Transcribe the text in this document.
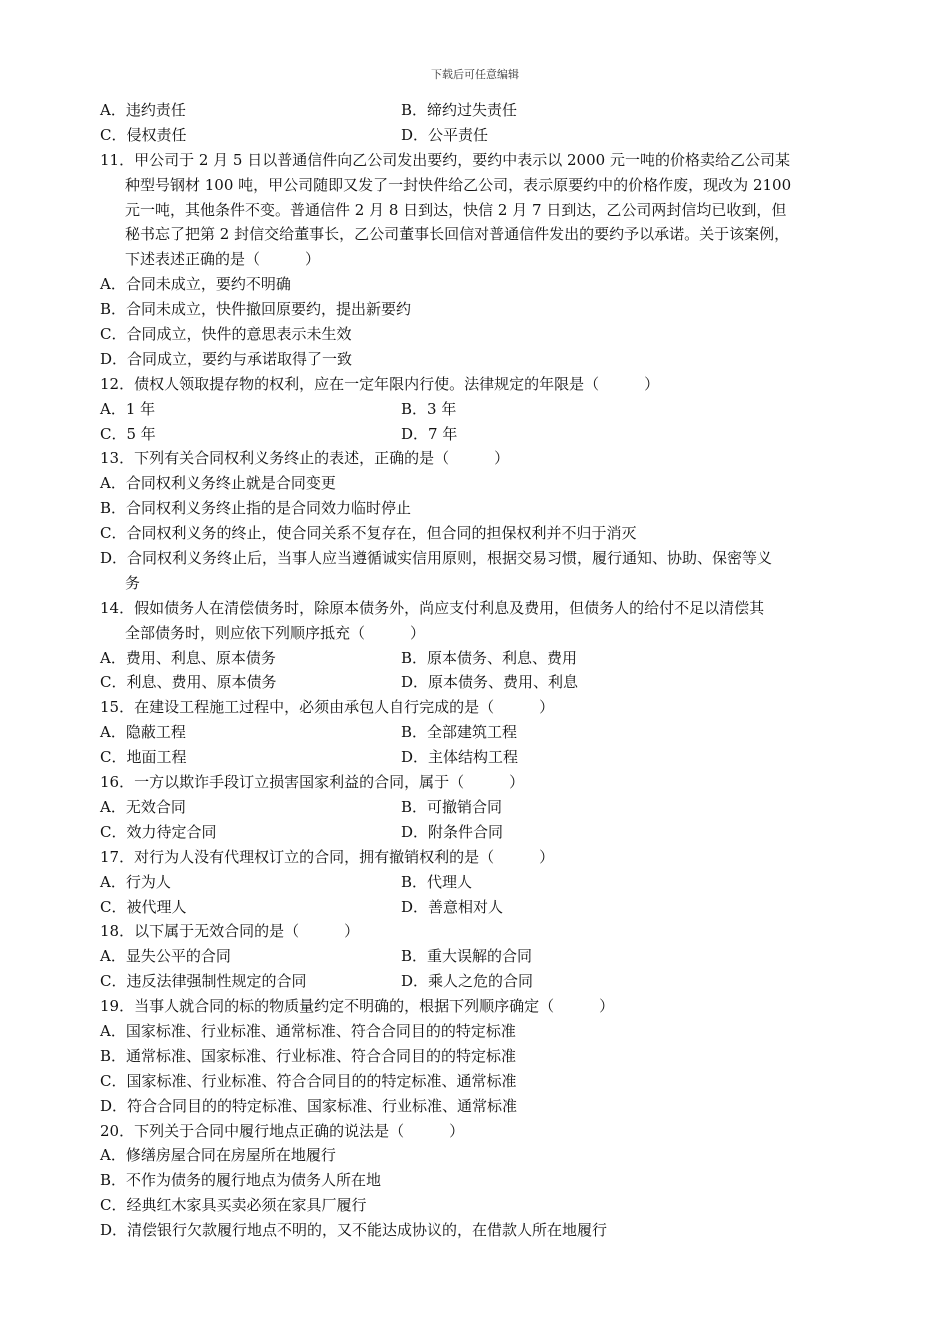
下载后可任意编辑
A．违约责任	B．缔约过失责任
C．侵权责任	D．公平责任
11．甲公司于 2 月 5 日以普通信件向乙公司发出要约，要约中表示以 2000 元一吨的价格卖给乙公司某
种型号钢材 100 吨，甲公司随即又发了一封快件给乙公司，表示原要约中的价格作废，现改为 2100
元一吨，其他条件不变。普通信件 2 月 8 日到达，快信 2 月 7 日到达，乙公司两封信均已收到，但
秘书忘了把第 2 封信交给董事长，乙公司董事长回信对普通信件发出的要约予以承诺。关于该案例，
下述表述正确的是（　　　）
A．合同未成立，要约不明确
B．合同未成立，快件撤回原要约，提出新要约
C．合同成立，快件的意思表示未生效
D．合同成立，要约与承诺取得了一致
12．债权人领取提存物的权利，应在一定年限内行使。法律规定的年限是（　　　）
A．1 年	B．3 年
C．5 年	D．7 年
13．下列有关合同权利义务终止的表述，正确的是（　　　）
A．合同权利义务终止就是合同变更
B．合同权利义务终止指的是合同效力临时停止
C．合同权利义务的终止，使合同关系不复存在，但合同的担保权利并不归于消灭
D．合同权利义务终止后，当事人应当遵循诚实信用原则，根据交易习惯，履行通知、协助、保密等义
务
14．假如债务人在清偿债务时，除原本债务外，尚应支付利息及费用，但债务人的给付不足以清偿其
全部债务时，则应依下列顺序抵充（　　　）
A．费用、利息、原本债务	B．原本债务、利息、费用
C．利息、费用、原本债务	D．原本债务、费用、利息
15．在建设工程施工过程中，必须由承包人自行完成的是（　　　）
A．隐蔽工程	B．全部建筑工程
C．地面工程	D．主体结构工程
16．一方以欺诈手段订立损害国家利益的合同，属于（　　　）
A．无效合同	B．可撤销合同
C．效力待定合同	D．附条件合同
17．对行为人没有代理权订立的合同，拥有撤销权利的是（　　　）
A．行为人	B．代理人
C．被代理人	D．善意相对人
18．以下属于无效合同的是（　　　）
A．显失公平的合同	B．重大误解的合同
C．违反法律强制性规定的合同	D．乘人之危的合同
19．当事人就合同的标的物质量约定不明确的，根据下列顺序确定（　　　）
A．国家标准、行业标准、通常标准、符合合同目的的特定标准
B．通常标准、国家标准、行业标准、符合合同目的的特定标准
C．国家标准、行业标准、符合合同目的的特定标准、通常标准
D．符合合同目的的特定标准、国家标准、行业标准、通常标准
20．下列关于合同中履行地点正确的说法是（　　　）
A．修缮房屋合同在房屋所在地履行
B．不作为债务的履行地点为债务人所在地
C．经典红木家具买卖必须在家具厂履行
D．清偿银行欠款履行地点不明的，又不能达成协议的，在借款人所在地履行
